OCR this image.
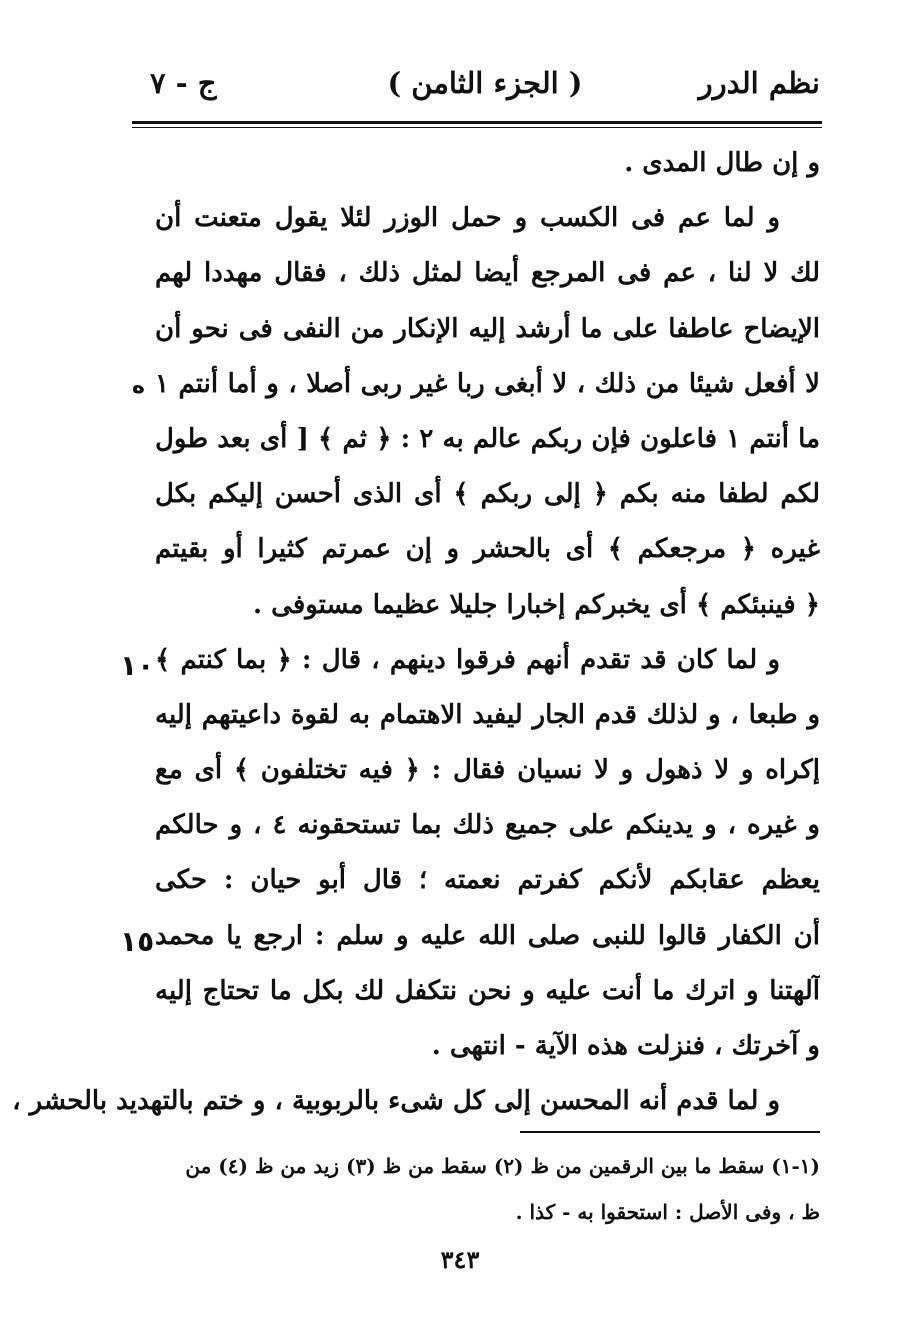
نظم الدرر
( الجزء الثامن )
ج - ٧
و إن طال المدى .
و لما عم فى الكسب و حمل الوزر لئلا يقول متعنت أن
لك لا لنا ، عم فى المرجع أيضا لمثل ذلك ، فقال مهددا لهم
الإيضاح عاطفا على ما أرشد إليه الإنكار من النفى فى نحو أن
لا أفعل شيئا من ذلك ، لا أبغى ربا غير ربى أصلا ، و أما أنتم ١
ما أنتم ١ فاعلون فإن ربكم عالم به ٢ : ﴿ ثم ﴾ [ أى بعد طول
لكم لطفا منه بكم ﴿ إلى ربكم ﴾ أى الذى أحسن إليكم بكل
غيره ﴿ مرجعكم ﴾ أى بالحشر و إن عمرتم كثيرا أو بقيتم
﴿ فينبئكم ﴾ أى يخبركم إخبارا جليلا عظيما مستوفى .
و لما كان قد تقدم أنهم فرقوا دينهم ، قال : ﴿ بما كنتم ﴾
و طبعا ، و لذلك قدم الجار ليفيد الاهتمام به لقوة داعيتهم إليه
إكراه و لا ذهول و لا نسيان فقال : ﴿ فيه تختلفون ﴾ أى مع
و غيره ، و يدينكم على جميع ذلك بما تستحقونه ٤ ، و حالكم
يعظم عقابكم لأنكم كفرتم نعمته ؛ قال أبو حيان : حكى
أن الكفار قالوا للنبى صلى الله عليه و سلم : ارجع يا محمد
آلهتنا و اترك ما أنت عليه و نحن نتكفل لك بكل ما تحتاج إليه
و آخرتك ، فنزلت هذه الآية - انتهى .
و لما قدم أنه المحسن إلى كل شىء بالربوبية ، و ختم بالتهديد بالحشر ،
ه
١٠
١٥
(١-١) سقط ما بين الرقمين من ظ (٢) سقط من ظ (٣) زيد من ظ (٤) من
ظ ، وفى الأصل : استحقوا به - كذا .
٣٤٣
